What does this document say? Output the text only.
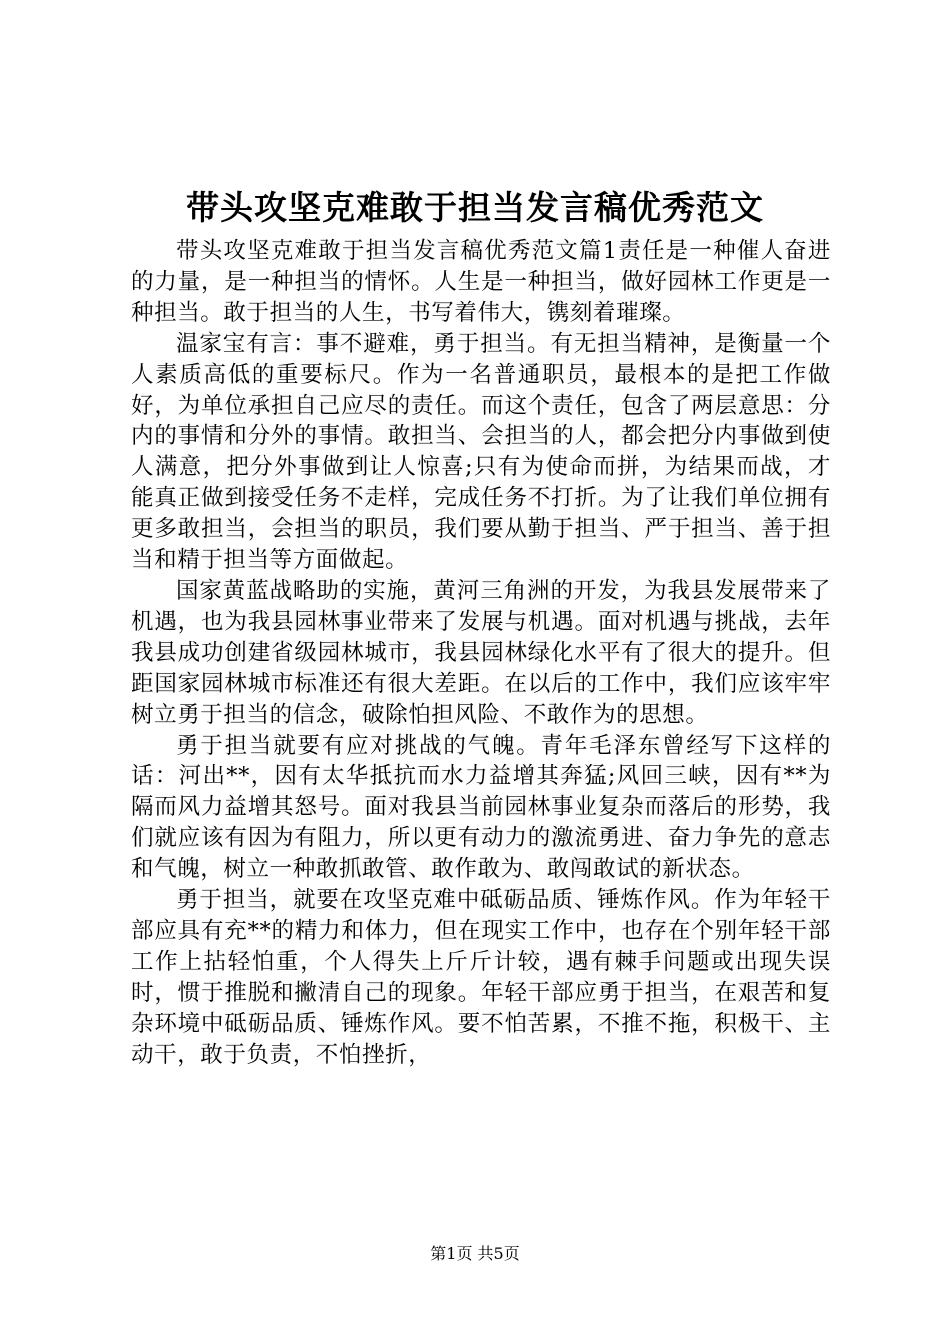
带头攻坚克难敢于担当发言稿优秀范文

带头攻坚克难敢于担当发言稿优秀范文篇1责任是一种催人奋进的力量，是一种担当的情怀。人生是一种担当，做好园林工作更是一种担当。敢于担当的人生，书写着伟大，镌刻着璀璨。

温家宝有言：事不避难，勇于担当。有无担当精神，是衡量一个人素质高低的重要标尺。作为一名普通职员，最根本的是把工作做好，为单位承担自己应尽的责任。而这个责任，包含了两层意思：分内的事情和分外的事情。敢担当、会担当的人，都会把分内事做到使人满意，把分外事做到让人惊喜;只有为使命而拼，为结果而战，才能真正做到接受任务不走样，完成任务不打折。为了让我们单位拥有更多敢担当，会担当的职员，我们要从勤于担当、严于担当、善于担当和精于担当等方面做起。

国家黄蓝战略助的实施，黄河三角洲的开发，为我县发展带来了机遇，也为我县园林事业带来了发展与机遇。面对机遇与挑战，去年我县成功创建省级园林城市，我县园林绿化水平有了很大的提升。但距国家园林城市标准还有很大差距。在以后的工作中，我们应该牢牢树立勇于担当的信念，破除怕担风险、不敢作为的思想。

勇于担当就要有应对挑战的气魄。青年毛泽东曾经写下这样的话：河出**，因有太华抵抗而水力益增其奔猛;风回三峡，因有**为隔而风力益增其怒号。面对我县当前园林事业复杂而落后的形势，我们就应该有因为有阻力，所以更有动力的激流勇进、奋力争先的意志和气魄，树立一种敢抓敢管、敢作敢为、敢闯敢试的新状态。

勇于担当，就要在攻坚克难中砥砺品质、锤炼作风。作为年轻干部应具有充**的精力和体力，但在现实工作中，也存在个别年轻干部工作上拈轻怕重，个人得失上斤斤计较，遇有棘手问题或出现失误时，惯于推脱和撇清自己的现象。年轻干部应勇于担当，在艰苦和复杂环境中砥砺品质、锤炼作风。要不怕苦累，不推不拖，积极干、主动干，敢于负责，不怕挫折，

第1页 共5页
